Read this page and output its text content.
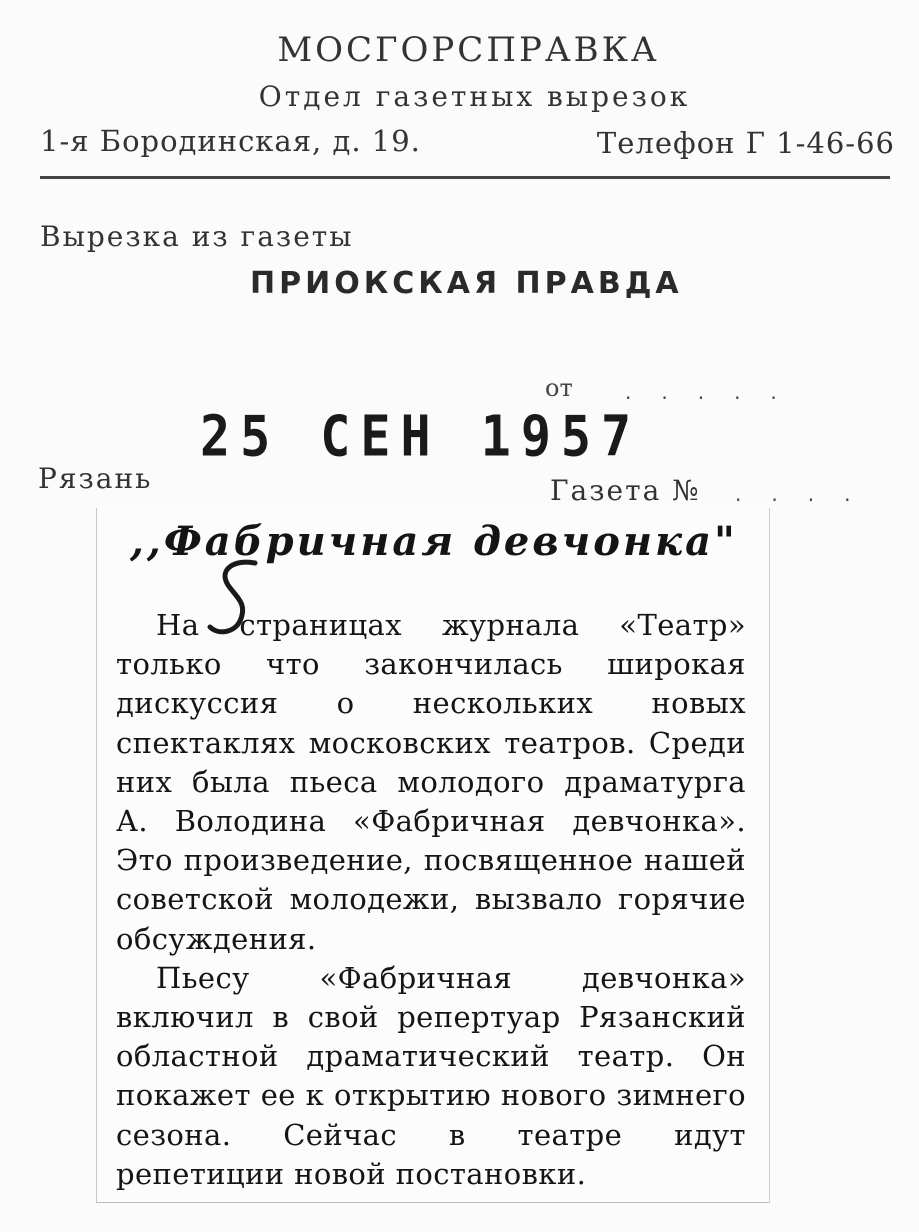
МОСГОРСПРАВКА
Отдел газетных вырезок
1-я Бородинская, д. 19.	Телефон Г 1-46-66
Вырезка из газеты
ПРИОКСКАЯ ПРАВДА
от	.....
25 СЕН 1957
Рязань	Газета № ....
,,Фабричная девчонка"

На страницах журнала «Театр» только что закончилась широкая дискуссия о нескольких новых спектаклях московских театров. Среди них была пьеса молодого драматурга А. Володина «Фабричная девчонка». Это произведение, посвященное нашей советской молодежи, вызвало горячие обсуждения.

Пьесу «Фабричная девчонка» включил в свой репертуар Рязанский областной драматический театр. Он покажет ее к открытию нового зимнего сезона. Сейчас в театре идут репетиции новой постановки.
